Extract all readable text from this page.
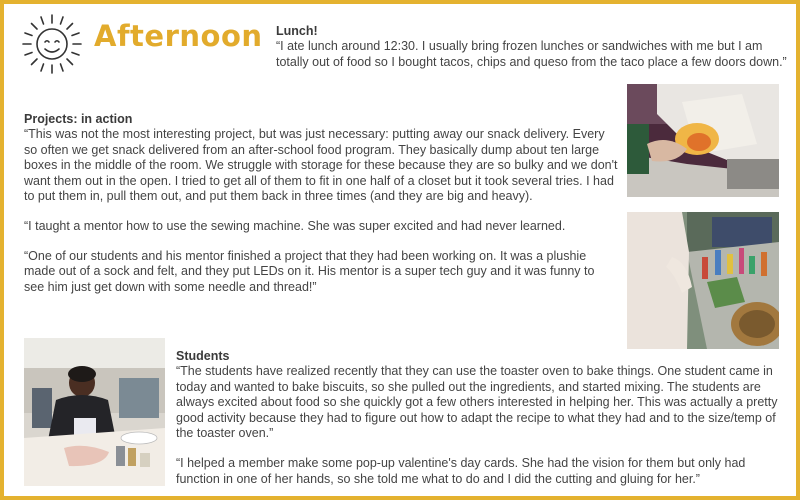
Afternoon Lunch!

“I ate lunch around 12:30. I usually bring frozen lunches or sandwiches with me but I am totally out of food so I bought tacos, chips and queso from the taco place a few doors down.”

Projects: in action

“This was not the most interesting project, but was just necessary: putting away our snack delivery. Every so often we get snack delivered from an after-school food program. They basically dump about ten large boxes in the middle of the room. We struggle with storage for these because they are so bulky and we don't want them out in the open. I tried to get all of them to fit in one half of a closet but it took several tries. I had to put them in, pull them out, and put them back in three times (and they are big and heavy).

“I taught a mentor how to use the sewing machine. She was super excited and had never learned.

“One of our students and his mentor finished a project that they had been working on. It was a plushie made out of a sock and felt, and they put LEDs on it. His mentor is a super tech guy and it was funny to see him just get down with some needle and thread!”

Students

“The students have realized recently that they can use the toaster oven to bake things. One student came in today and wanted to bake biscuits, so she pulled out the ingredients, and started mixing. The students are always excited about food so she quickly got a few others interested in helping her. This was actually a pretty good activity because they had to figure out how to adapt the recipe to what they had and to the size/temp of the toaster oven.”

“I helped a member make some pop-up valentine's day cards. She had the vision for them but only had function in one of her hands, so she told me what to do and I did the cutting and gluing for her.”
